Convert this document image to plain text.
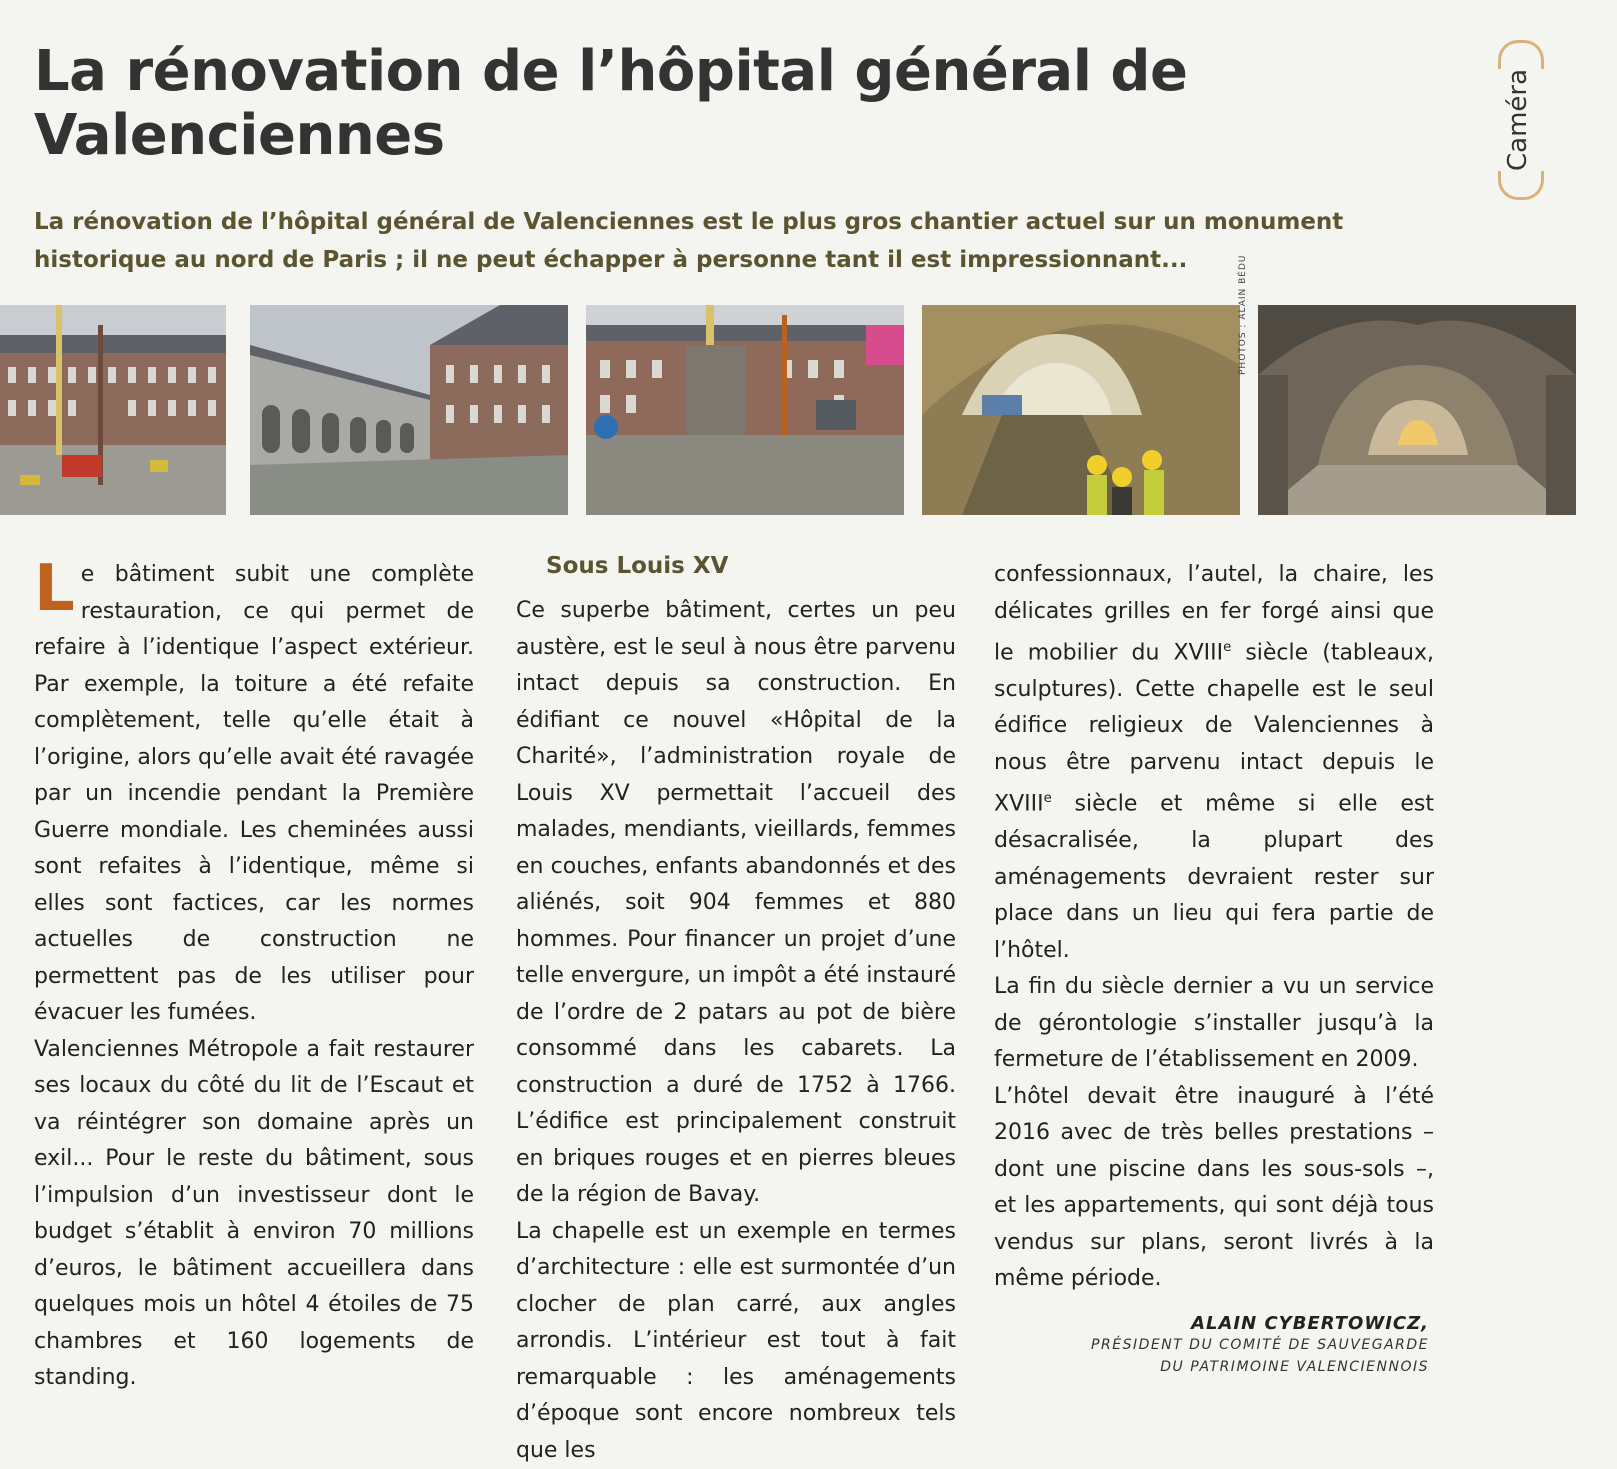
La rénovation de l’hôpital général de Valenciennes	Caméra

La rénovation de l’hôpital général de Valenciennes est le plus gros chantier actuel sur un monument historique au nord de Paris ; il ne peut échapper à personne tant il est impressionnant...	PHOTOS : ALAIN BÉDU

Le bâtiment subit une complète restauration, ce qui permet de refaire à l’identique l’aspect extérieur. Par exemple, la toiture a été refaite complètement, telle qu’elle était à l’origine, alors qu’elle avait été ravagée par un incendie pendant la Première Guerre mondiale. Les cheminées aussi sont refaites à l’identique, même si elles sont factices, car les normes actuelles de construction ne permettent pas de les utiliser pour évacuer les fumées.

Valenciennes Métropole a fait restaurer ses locaux du côté du lit de l’Escaut et va réintégrer son domaine après un exil... Pour le reste du bâtiment, sous l’impulsion d’un investisseur dont le budget s’établit à environ 70 millions d’euros, le bâtiment accueillera dans quelques mois un hôtel 4 étoiles de 75 chambres et 160 logements de standing.

Sous Louis XV

Ce superbe bâtiment, certes un peu austère, est le seul à nous être parvenu intact depuis sa construction. En édifiant ce nouvel «Hôpital de la Charité», l’administration royale de Louis XV permettait l’accueil des malades, mendiants, vieillards, femmes en couches, enfants abandonnés et des aliénés, soit 904 femmes et 880 hommes. Pour financer un projet d’une telle envergure, un impôt a été instauré de l’ordre de 2 patars au pot de bière consommé dans les cabarets. La construction a duré de 1752 à 1766. L’édifice est principalement construit en briques rouges et en pierres bleues de la région de Bavay.

La chapelle est un exemple en termes d’architecture : elle est surmontée d’un clocher de plan carré, aux angles arrondis. L’intérieur est tout à fait remarquable : les aménagements d’époque sont encore nombreux tels que les

confessionnaux, l’autel, la chaire, les délicates grilles en fer forgé ainsi que le mobilier du XVIIIe siècle (tableaux, sculptures). Cette chapelle est le seul édifice religieux de Valenciennes à nous être parvenu intact depuis le XVIIIe siècle et même si elle est désacralisée, la plupart des aménagements devraient rester sur place dans un lieu qui fera partie de l’hôtel.

La fin du siècle dernier a vu un service de gérontologie s’installer jusqu’à la fermeture de l’établissement en 2009.

L’hôtel devait être inauguré à l’été 2016 avec de très belles prestations – dont une piscine dans les sous-sols –, et les appartements, qui sont déjà tous vendus sur plans, seront livrés à la même période.

ALAIN CYBERTOWICZ,
PRÉSIDENT DU COMITÉ DE SAUVEGARDE
DU PATRIMOINE VALENCIENNOIS
